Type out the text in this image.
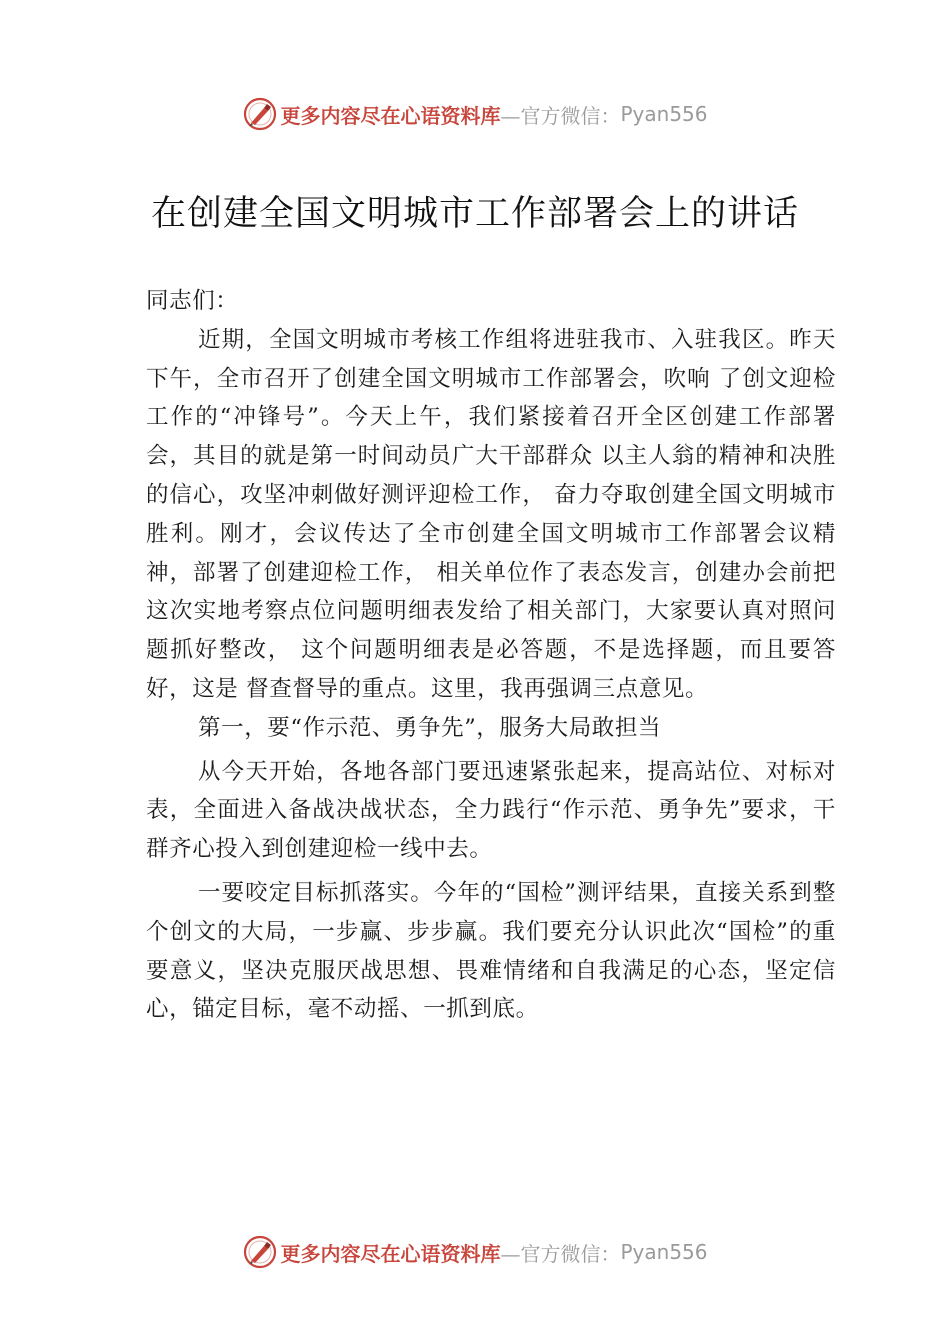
更多内容尽在心语资料库 —官方微信： Pyan556
在创建全国文明城市工作部署会上的讲话

同志们：

近期，全国文明城市考核工作组将进驻我市、入驻我区。昨天下午，全市召开了创建全国文明城市工作部署会，吹响 了创文迎检工作的“冲锋号”。今天上午，我们紧接着召开全区创建工作部署会，其目的就是第一时间动员广大干部群众 以主人翁的精神和决胜的信心，攻坚冲刺做好测评迎检工作， 奋力夺取创建全国文明城市胜利。刚才，会议传达了全市创建全国文明城市工作部署会议精神，部署了创建迎检工作， 相关单位作了表态发言，创建办会前把这次实地考察点位问题明细表发给了相关部门，大家要认真对照问题抓好整改， 这个问题明细表是必答题，不是选择题，而且要答好，这是 督查督导的重点。这里，我再强调三点意见。

第一，要“作示范、勇争先”，服务大局敢担当

从今天开始，各地各部门要迅速紧张起来，提高站位、对标对表，全面进入备战决战状态，全力践行“作示范、勇争先”要求，干群齐心投入到创建迎检一线中去。

一要咬定目标抓落实。今年的“国检”测评结果，直接关系到整个创文的大局，一步赢、步步赢。我们要充分认识此次“国检”的重要意义，坚决克服厌战思想、畏难情绪和自我满足的心态，坚定信心，锚定目标，毫不动摇、一抓到底。

更多内容尽在心语资料库 —官方微信： Pyan556
